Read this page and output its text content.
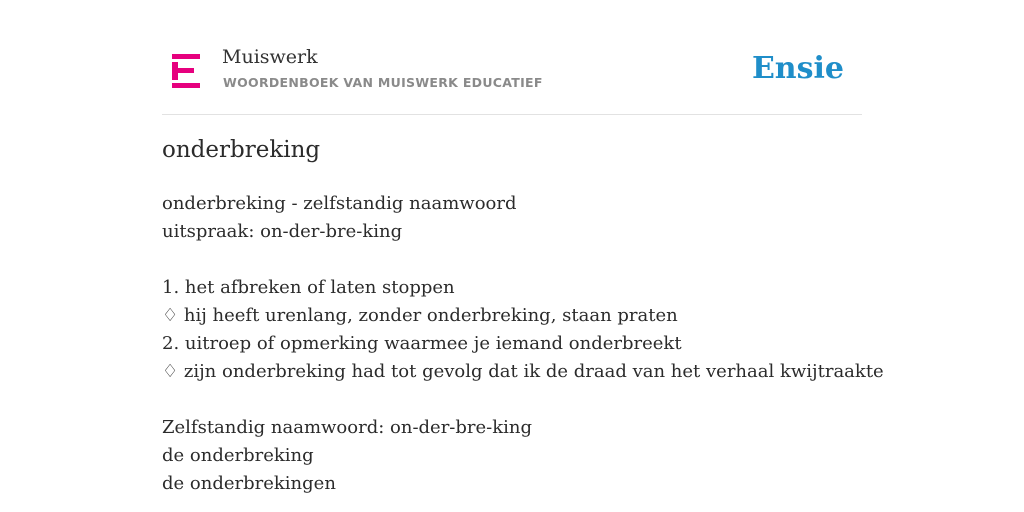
Muiswerk
WOORDENBOEK VAN MUISWERK EDUCATIEF	Ensie
onderbreking
onderbreking - zelfstandig naamwoord
uitspraak: on-der-bre-king
1. het afbreken of laten stoppen
♢ hij heeft urenlang, zonder onderbreking, staan praten
2. uitroep of opmerking waarmee je iemand onderbreekt
♢ zijn onderbreking had tot gevolg dat ik de draad van het verhaal kwijtraakte
Zelfstandig naamwoord: on-der-bre-king
de onderbreking
de onderbrekingen
